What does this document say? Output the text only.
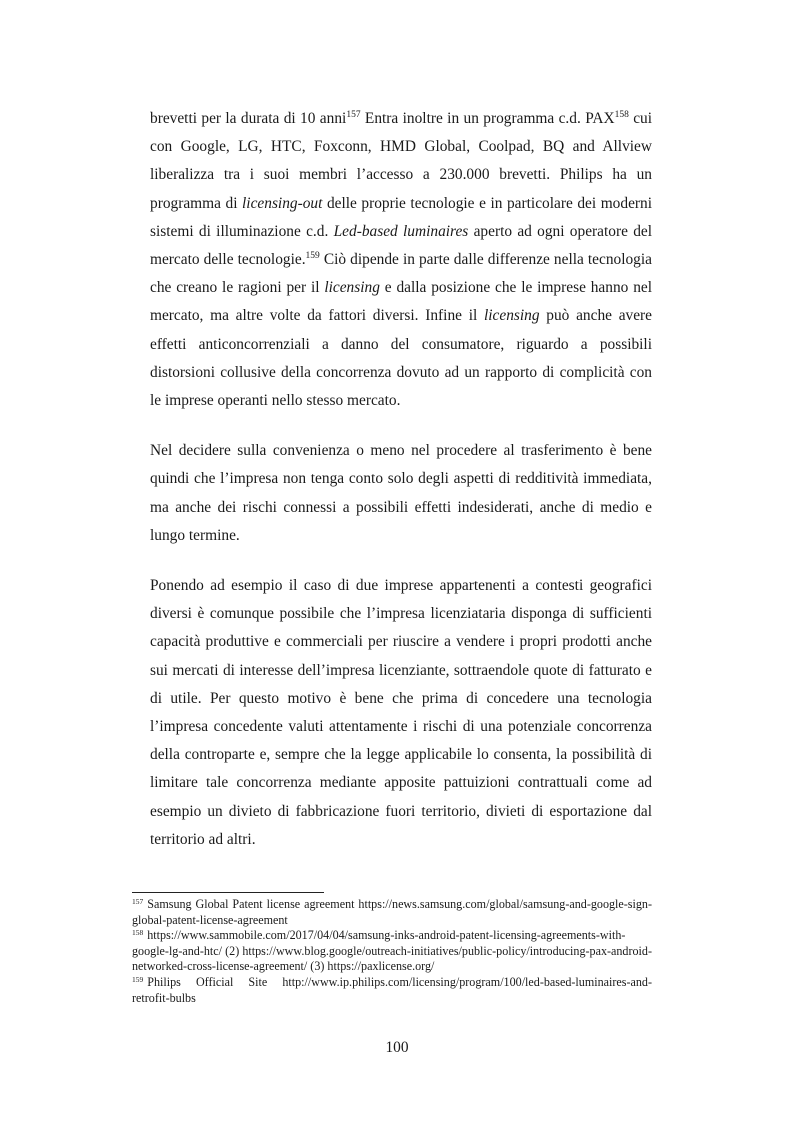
brevetti per la durata di 10 anni$^{157}$ Entra inoltre in un programma c.d. PAX$^{158}$ cui con Google, LG, HTC, Foxconn, HMD Global, Coolpad, BQ and Allview liberalizza tra i suoi membri l’accesso a 230.000 brevetti. Philips ha un programma di licensing-out delle proprie tecnologie e in particolare dei moderni sistemi di illuminazione c.d. Led-based luminaires aperto ad ogni operatore del mercato delle tecnologie.$^{159}$ Ciò dipende in parte dalle differenze nella tecnologia che creano le ragioni per il licensing e dalla posizione che le imprese hanno nel mercato, ma altre volte da fattori diversi. Infine il licensing può anche avere effetti anticoncorrenziali a danno del consumatore, riguardo a possibili distorsioni collusive della concorrenza dovuto ad un rapporto di complicità con le imprese operanti nello stesso mercato.

Nel decidere sulla convenienza o meno nel procedere al trasferimento è bene quindi che l’impresa non tenga conto solo degli aspetti di redditività immediata, ma anche dei rischi connessi a possibili effetti indesiderati, anche di medio e lungo termine.

Ponendo ad esempio il caso di due imprese appartenenti a contesti geografici diversi è comunque possibile che l’impresa licenziataria disponga di sufficienti capacità produttive e commerciali per riuscire a vendere i propri prodotti anche sui mercati di interesse dell’impresa licenziante, sottraendole quote di fatturato e di utile. Per questo motivo è bene che prima di concedere una tecnologia l’impresa concedente valuti attentamente i rischi di una potenziale concorrenza della controparte e, sempre che la legge applicabile lo consenta, la possibilità di limitare tale concorrenza mediante apposite pattuizioni contrattuali come ad esempio un divieto di fabbricazione fuori territorio, divieti di esportazione dal territorio ad altri.

$^{157}$ Samsung Global Patent license agreement https://news.samsung.com/global/samsung-and-google-sign-global-patent-license-agreement

$^{158}$ https://www.sammobile.com/2017/04/04/samsung-inks-android-patent-licensing-agreements-with-google-lg-and-htc/ (2) https://www.blog.google/outreach-initiatives/public-policy/introducing-pax-android-networked-cross-license-agreement/ (3) https://paxlicense.org/

$^{159}$ Philips Official Site http://www.ip.philips.com/licensing/program/100/led-based-luminaires-and-retrofit-bulbs

100
